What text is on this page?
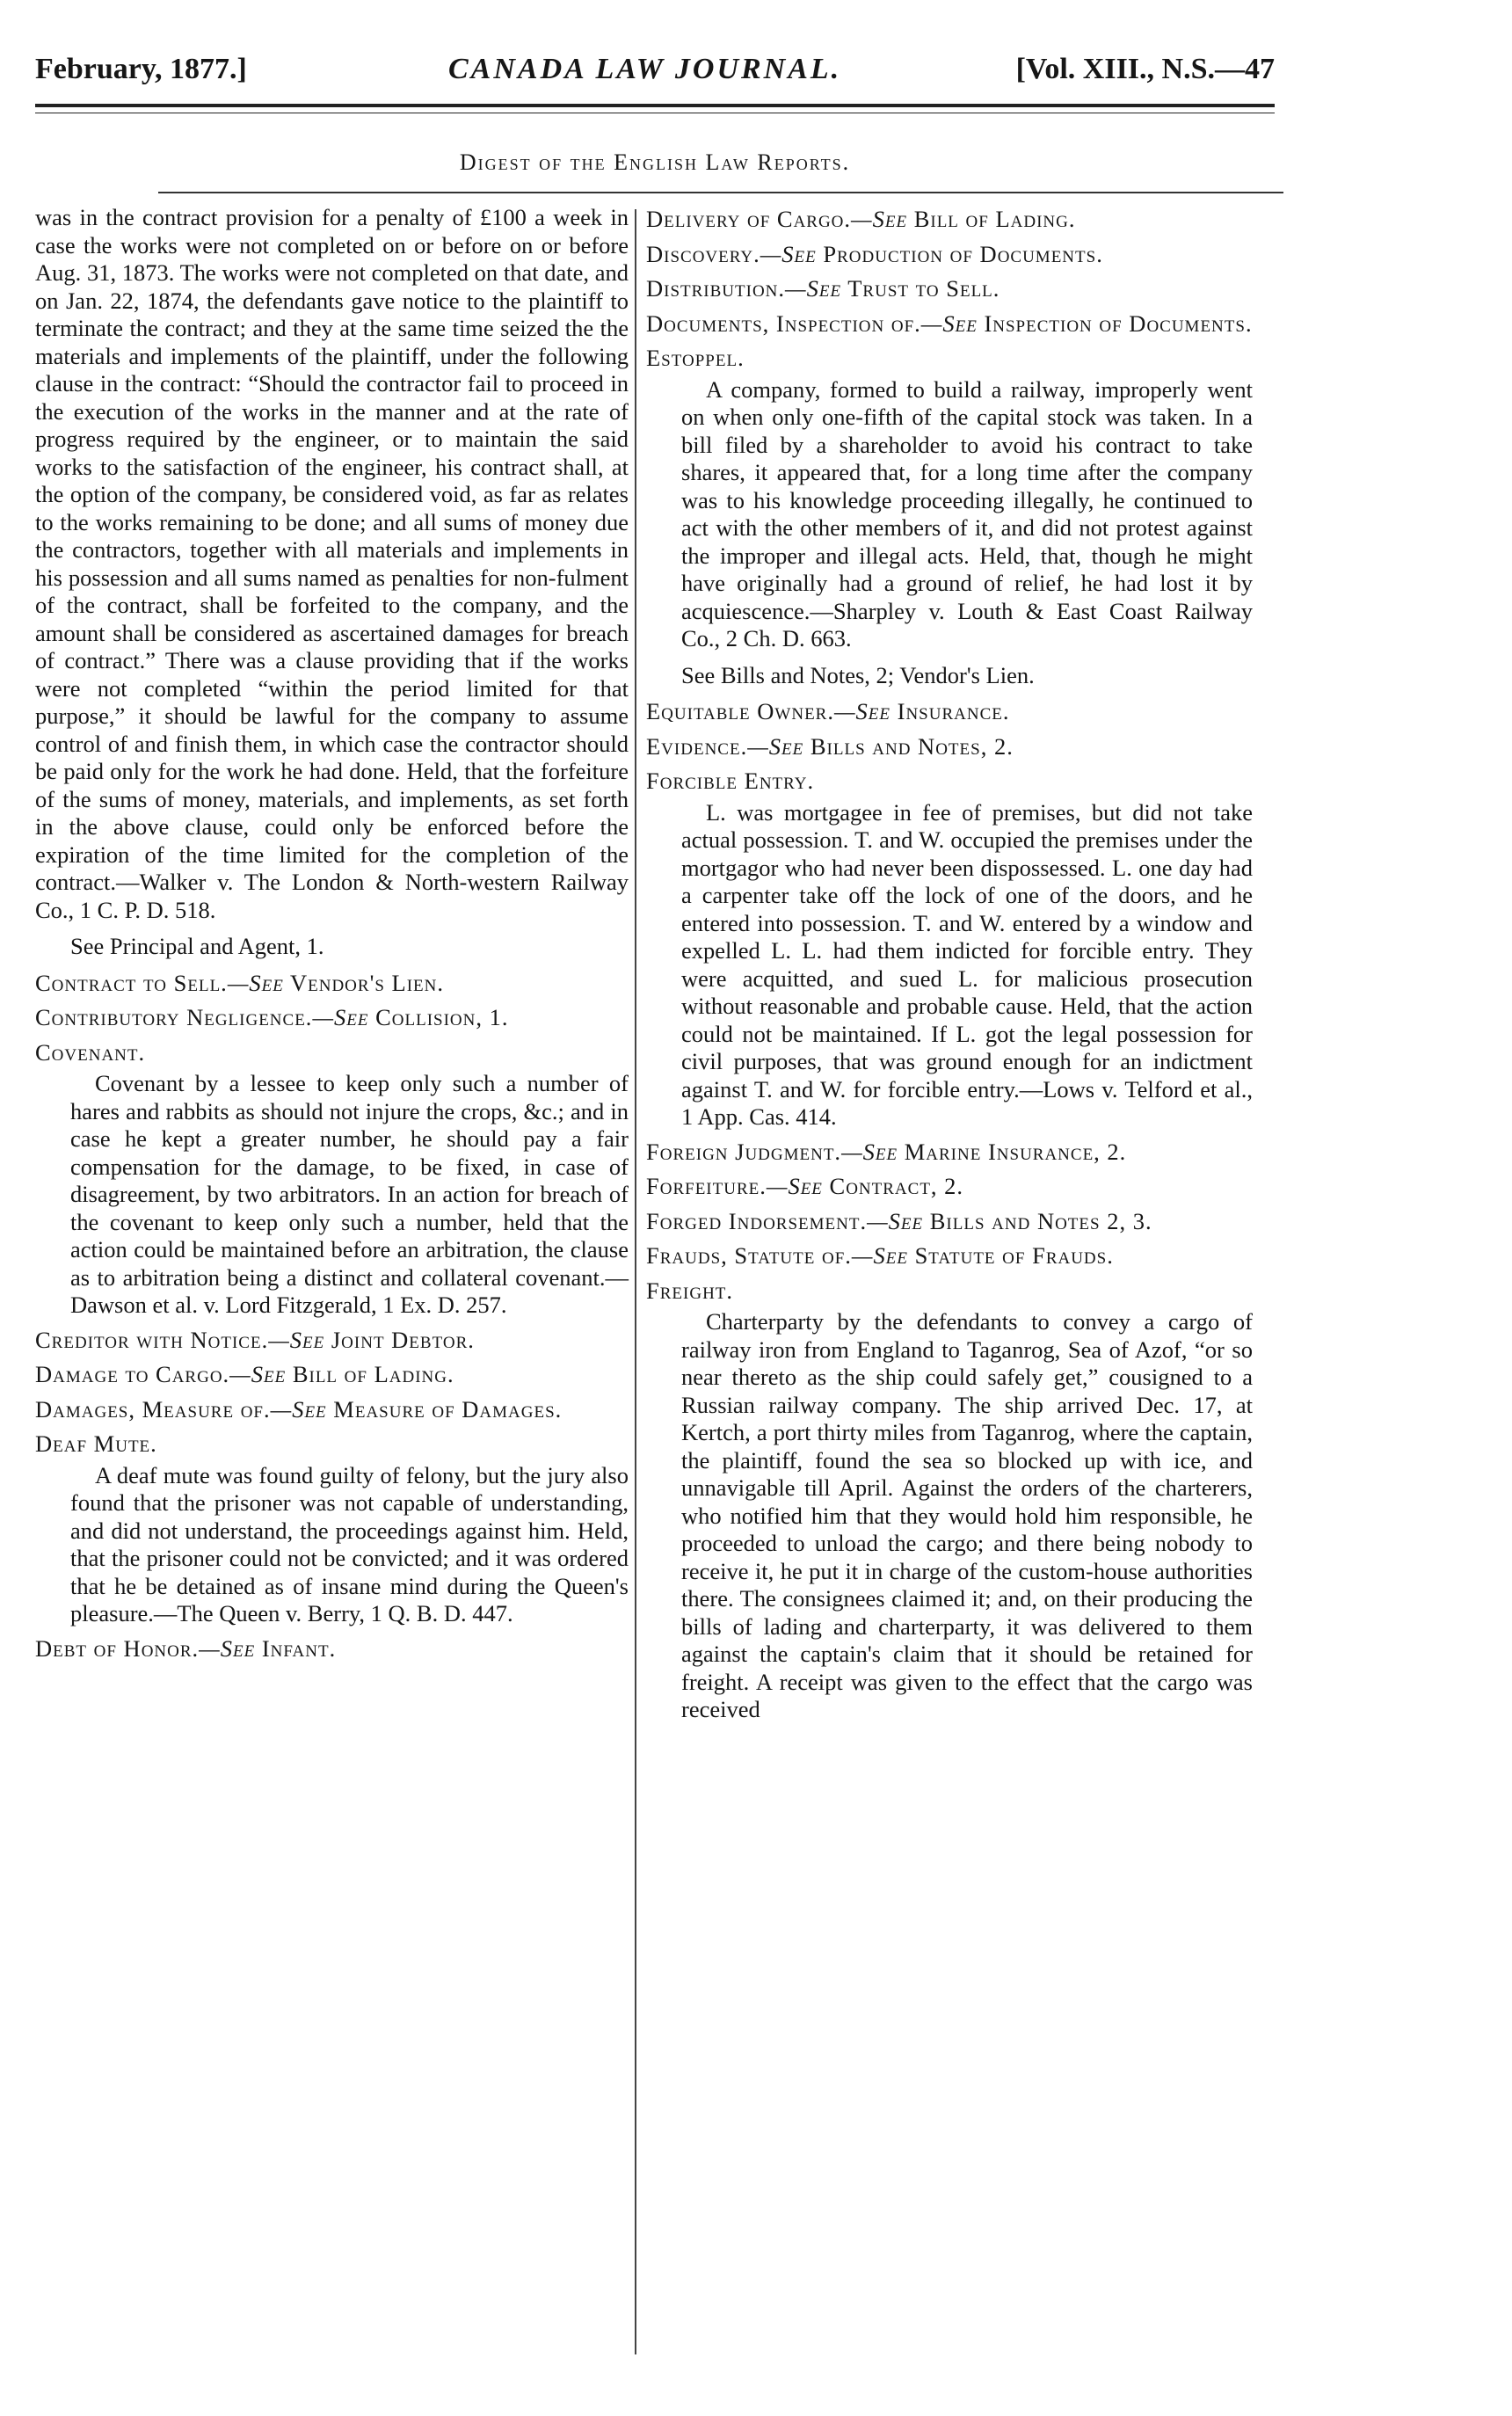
February, 1877.]	CANADA LAW JOURNAL.	[Vol. XIII., N.S.—47
Digest of the English Law Reports.

was in the contract provision for a penalty of £100 a week in case the works were not completed on or before on or before Aug. 31, 1873. The works were not completed on that date, and on Jan. 22, 1874, the defendants gave notice to the plaintiff to terminate the contract; and they at the same time seized the the materials and implements of the plaintiff, under the following clause in the contract: “Should the contractor fail to proceed in the execution of the works in the manner and at the rate of progress required by the engineer, or to maintain the said works to the satisfaction of the engineer, his contract shall, at the option of the company, be considered void, as far as relates to the works remaining to be done; and all sums of money due the contractors, together with all materials and implements in his possession and all sums named as penalties for non-fulment of the contract, shall be forfeited to the company, and the amount shall be considered as ascertained damages for breach of contract.” There was a clause providing that if the works were not completed “within the period limited for that purpose,” it should be lawful for the company to assume control of and finish them, in which case the contractor should be paid only for the work he had done. Held, that the forfeiture of the sums of money, materials, and implements, as set forth in the above clause, could only be enforced before the expiration of the time limited for the completion of the contract.—Walker v. The London & North-western Railway Co., 1 C. P. D. 518.

See Principal and Agent, 1.

Contract to Sell.—See Vendor's Lien.
Contributory Negligence.—See Collision, 1.
Covenant.

Covenant by a lessee to keep only such a number of hares and rabbits as should not injure the crops, &c.; and in case he kept a greater number, he should pay a fair compensation for the damage, to be fixed, in case of disagreement, by two arbitrators. In an action for breach of the covenant to keep only such a number, held that the action could be maintained before an arbitration, the clause as to arbitration being a distinct and collateral covenant.—Dawson et al. v. Lord Fitzgerald, 1 Ex. D. 257.

Creditor with Notice.—See Joint Debtor.
Damage to Cargo.—See Bill of Lading.
Damages, Measure of.—See Measure of Damages.
Deaf Mute.

A deaf mute was found guilty of felony, but the jury also found that the prisoner was not capable of understanding, and did not understand, the proceedings against him. Held, that the prisoner could not be convicted; and it was ordered that he be detained as of insane mind during the Queen's pleasure.—The Queen v. Berry, 1 Q. B. D. 447.

Debt of Honor.—See Infant.
Delivery of Cargo.—See Bill of Lading.
Discovery.—See Production of Documents.
Distribution.—See Trust to Sell.
Documents, Inspection of.—See Inspection of Documents.
Estoppel.

A company, formed to build a railway, improperly went on when only one-fifth of the capital stock was taken. In a bill filed by a shareholder to avoid his contract to take shares, it appeared that, for a long time after the company was to his knowledge proceeding illegally, he continued to act with the other members of it, and did not protest against the improper and illegal acts. Held, that, though he might have originally had a ground of relief, he had lost it by acquiescence.—Sharpley v. Louth & East Coast Railway Co., 2 Ch. D. 663.

See Bills and Notes, 2; Vendor's Lien.

Equitable Owner.—See Insurance.
Evidence.—See Bills and Notes, 2.
Forcible Entry.

L. was mortgagee in fee of premises, but did not take actual possession. T. and W. occupied the premises under the mortgagor who had never been dispossessed. L. one day had a carpenter take off the lock of one of the doors, and he entered into possession. T. and W. entered by a window and expelled L. L. had them indicted for forcible entry. They were acquitted, and sued L. for malicious prosecution without reasonable and probable cause. Held, that the action could not be maintained. If L. got the legal possession for civil purposes, that was ground enough for an indictment against T. and W. for forcible entry.—Lows v. Telford et al., 1 App. Cas. 414.

Foreign Judgment.—See Marine Insurance, 2.
Forfeiture.—See Contract, 2.
Forged Indorsement.—See Bills and Notes 2, 3.
Frauds, Statute of.—See Statute of Frauds.
Freight.

Charterparty by the defendants to convey a cargo of railway iron from England to Taganrog, Sea of Azof, “or so near thereto as the ship could safely get,” cousigned to a Russian railway company. The ship arrived Dec. 17, at Kertch, a port thirty miles from Taganrog, where the captain, the plaintiff, found the sea so blocked up with ice, and unnavigable till April. Against the orders of the charterers, who notified him that they would hold him responsible, he proceeded to unload the cargo; and there being nobody to receive it, he put it in charge of the custom-house authorities there. The consignees claimed it; and, on their producing the bills of lading and charterparty, it was delivered to them against the captain's claim that it should be retained for freight. A receipt was given to the effect that the cargo was received
